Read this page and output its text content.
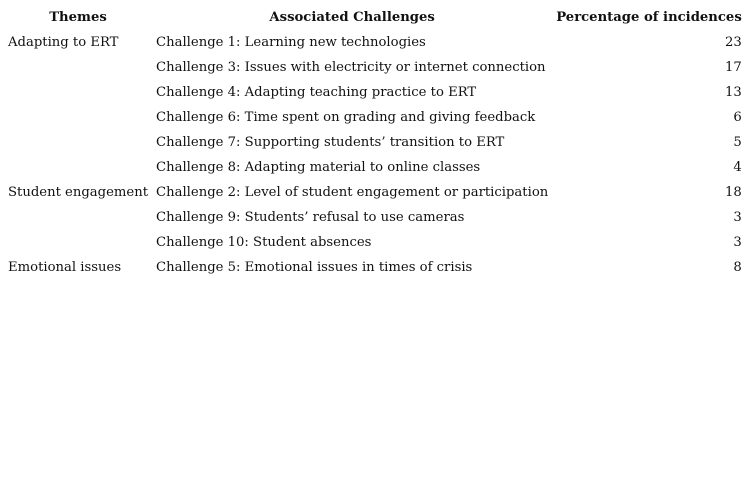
Themes	Associated Challenges	Percentage of incidences
Adapting to ERT	Challenge 1: Learning new technologies	23
	Challenge 3: Issues with electricity or internet connection	17
	Challenge 4: Adapting teaching practice to ERT	13
	Challenge 6: Time spent on grading and giving feedback	6
	Challenge 7: Supporting students’ transition to ERT	5
	Challenge 8: Adapting material to online classes	4
Student engagement	Challenge 2: Level of student engagement or participation	18
	Challenge 9: Students’ refusal to use cameras	3
	Challenge 10: Student absences	3
Emotional issues	Challenge 5: Emotional issues in times of crisis	8
